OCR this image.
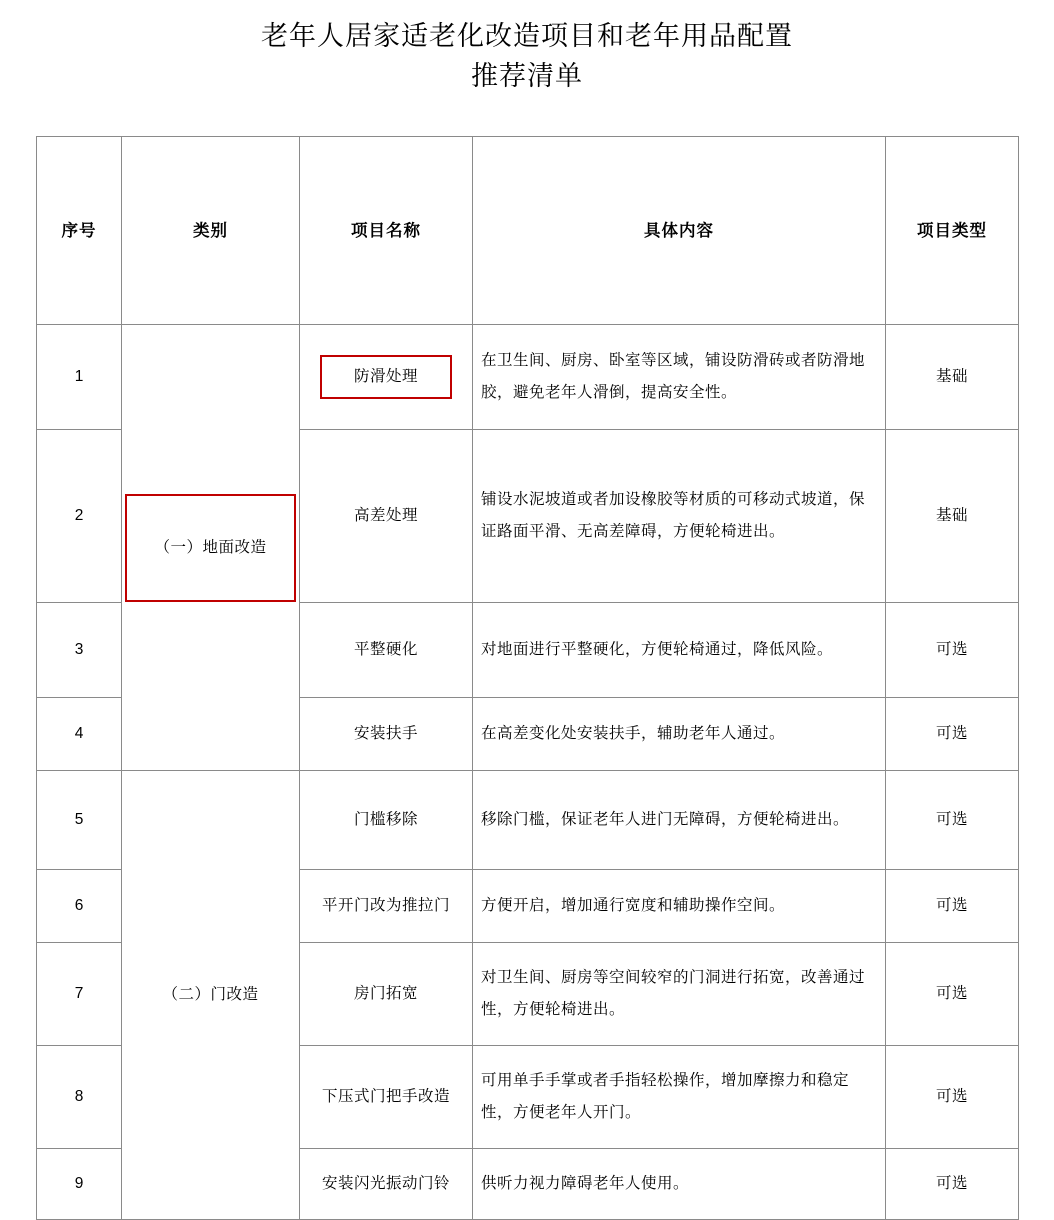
老年人居家适老化改造项目和老年用品配置
推荐清单
序号	类别	项目名称	具体内容	项目类型
1	（一）地面改造	防滑处理	在卫生间、厨房、卧室等区域，铺设防滑砖或者防滑地胶，避免老年人滑倒，提高安全性。	基础
2		高差处理	铺设水泥坡道或者加设橡胶等材质的可移动式坡道，保证路面平滑、无高差障碍，方便轮椅进出。	基础
3		平整硬化	对地面进行平整硬化，方便轮椅通过，降低风险。	可选
4		安装扶手	在高差变化处安装扶手，辅助老年人通过。	可选
5	（二）门改造	门槛移除	移除门槛，保证老年人进门无障碍，方便轮椅进出。	可选
6		平开门改为推拉门	方便开启，增加通行宽度和辅助操作空间。	可选
7		房门拓宽	对卫生间、厨房等空间较窄的门洞进行拓宽，改善通过性，方便轮椅进出。	可选
8		下压式门把手改造	可用单手手掌或者手指轻松操作，增加摩擦力和稳定性，方便老年人开门。	可选
9		安装闪光振动门铃	供听力视力障碍老年人使用。	可选
